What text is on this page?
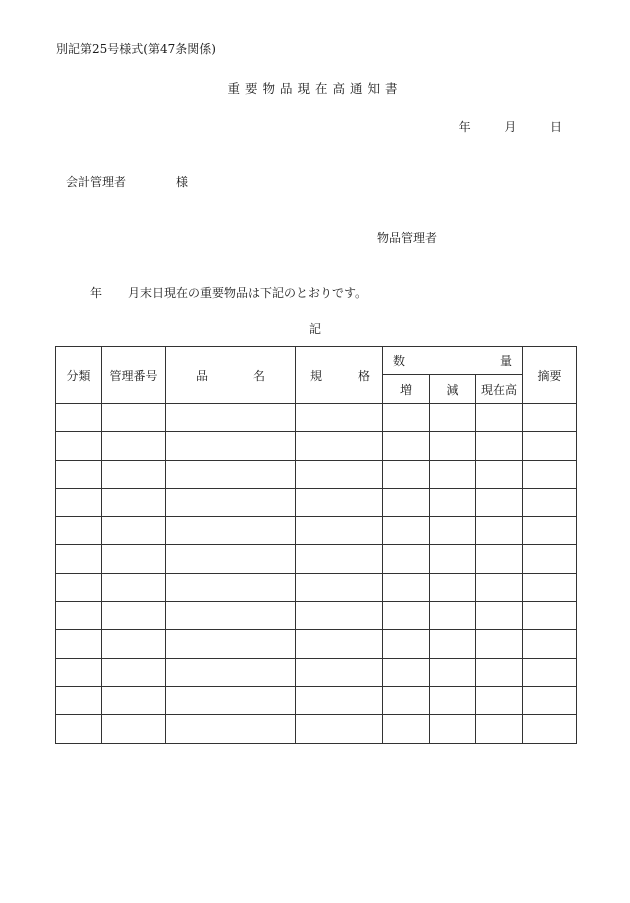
別記第25号様式(第47条関係)
重要物品現在高通知書
年	月	日
会計管理者	様
物品管理者
年 月末日現在の重要物品は下記のとおりです。
記
分類	管理番号	品 名	規 格	数 量			摘要
				増	減	現在高	
